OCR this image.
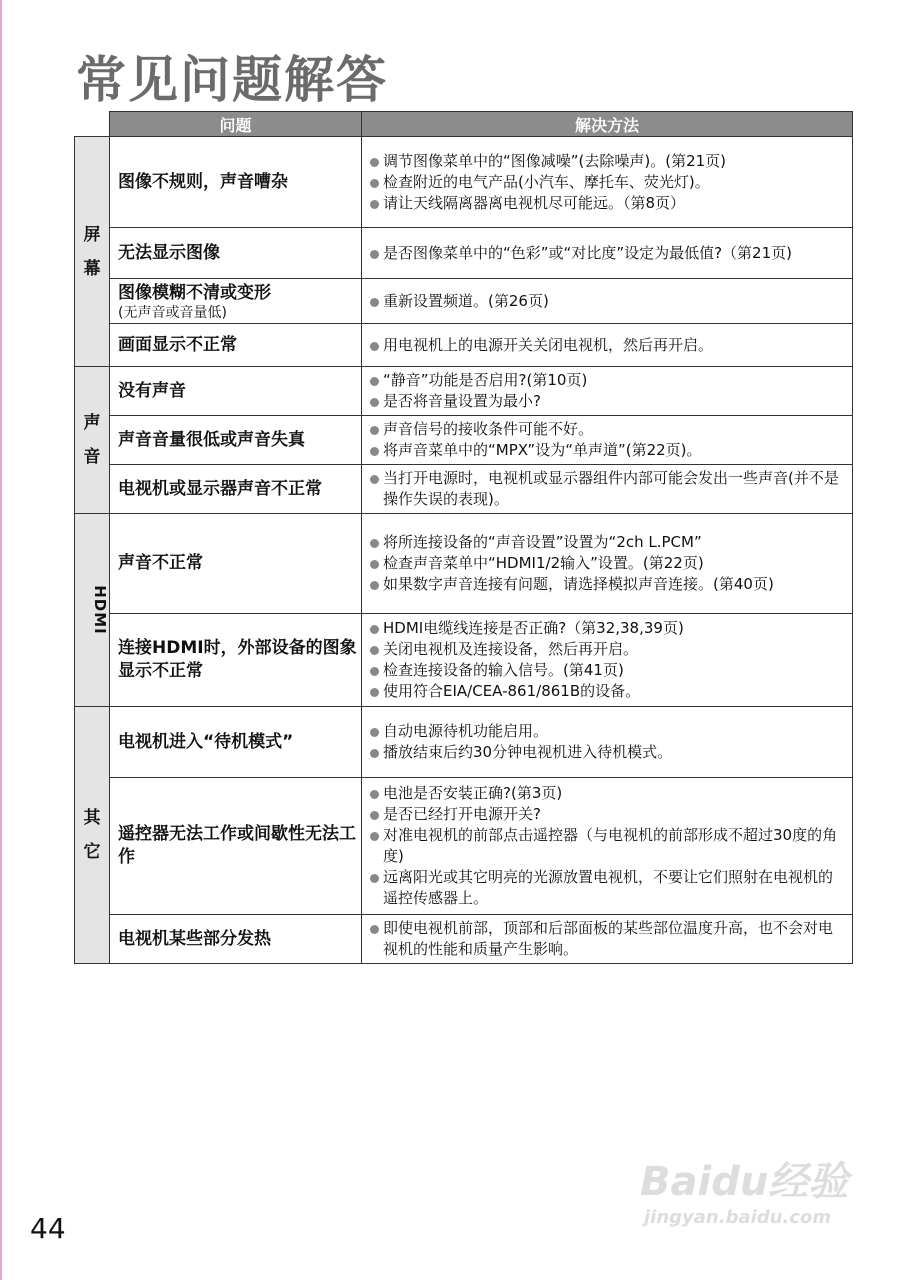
常见问题解答
	问题	解决方法
屏幕	图像不规则，声音嘈杂	调节图像菜单中的“图像减噪”(去除噪声)。(第21页)
检查附近的电气产品(小汽车、摩托车、荧光灯)。
请让天线隔离器离电视机尽可能远。（第8页）

	无法显示图像	是否图像菜单中的“色彩”或“对比度”设定为最低值?（第21页)

	图像模糊不清或变形
(无声音或音量低)	重新设置频道。(第26页)

	画面显示不正常	用电视机上的电源开关关闭电视机，然后再开启。

声音	没有声音	“静音”功能是否启用?(第10页)
是否将音量设置为最小?

	声音音量很低或声音失真	声音信号的接收条件可能不好。
将声音菜单中的“MPX”设为“单声道”(第22页)。

	电视机或显示器声音不正常	当打开电源时，电视机或显示器组件内部可能会发出一些声音(并不是操作失误的表现)。

HDMI	声音不正常	将所连接设备的“声音设置”设置为“2ch L.PCM”
检查声音菜单中“HDMI1/2输入”设置。(第22页)
如果数字声音连接有问题，请选择模拟声音连接。(第40页)

	连接HDMI时，外部设备的图象显示不正常	HDMI电缆线连接是否正确?（第32,38,39页)
关闭电视机及连接设备，然后再开启。
检查连接设备的输入信号。(第41页)
使用符合EIA/CEA-861/861B的设备。

其它	电视机进入“待机模式”	自动电源待机功能启用。
播放结束后约30分钟电视机进入待机模式。

	遥控器无法工作或间歇性无法工作	电池是否安装正确?(第3页)
是否已经打开电源开关?
对准电视机的前部点击遥控器（与电视机的前部形成不超过30度的角度)
远离阳光或其它明亮的光源放置电视机，不要让它们照射在电视机的遥控传感器上。

	电视机某些部分发热	即使电视机前部，顶部和后部面板的某些部位温度升高，也不会对电视机的性能和质量产生影响。
44
Baidu经验
jingyan.baidu.com
